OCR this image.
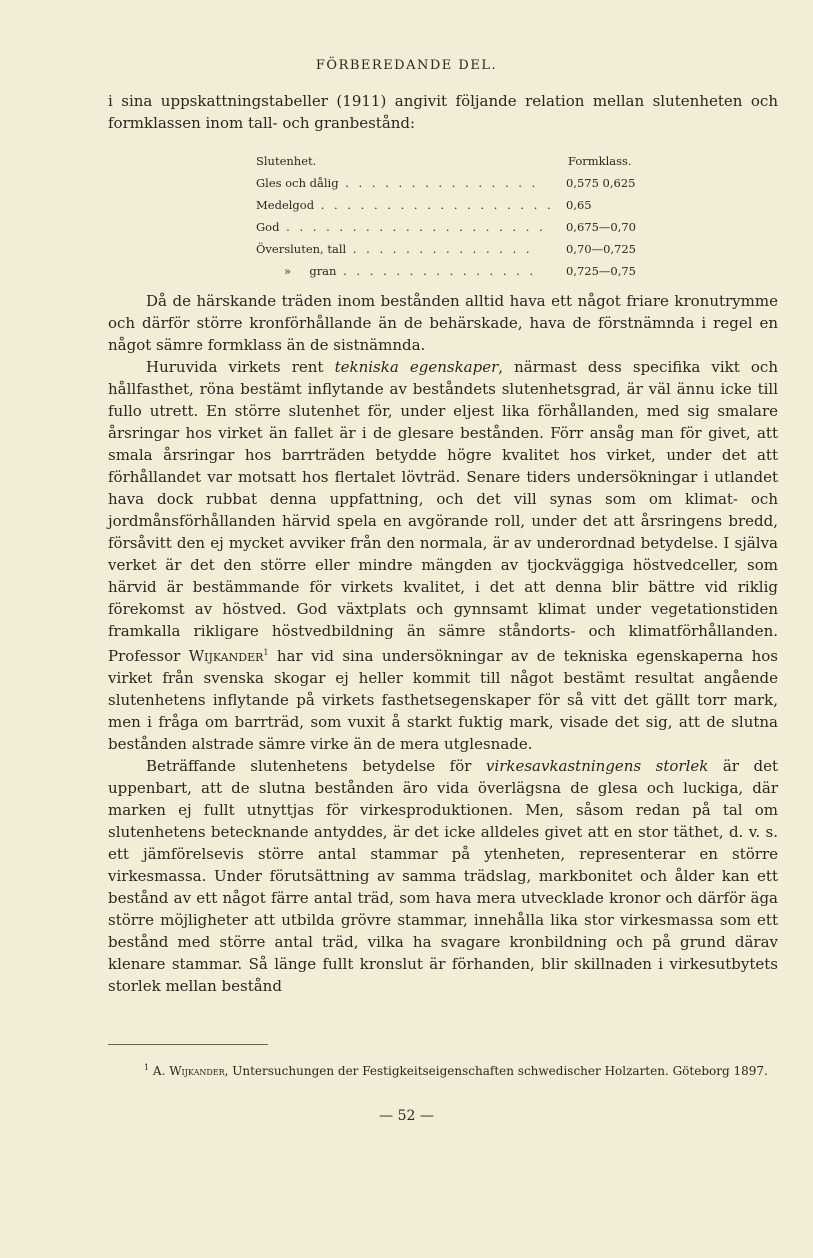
FÖRBEREDANDE DEL.
i sina uppskattningstabeller (1911) angivit följande relation mellan slutenheten och formklassen inom tall- och granbestånd:
Slutenhet.	Formklass.
Gles och dålig . . . . . . . . . . . . . . .	0,575 0,625
Medelgod . . . . . . . . . . . . . . . . . .	0,65
God . . . . . . . . . . . . . . . . . . . .	0,675—0,70
Översluten, tall . . . . . . . . . . . . . .	0,70—0,725
» gran . . . . . . . . . . . . . . .	0,725—0,75

Då de härskande träden inom bestånden alltid hava ett något friare kronutrymme och därför större kronförhållande än de behärskade, hava de förstnämnda i regel en något sämre formklass än de sistnämnda.

Huruvida virkets rent tekniska egenskaper, närmast dess specifika vikt och hållfasthet, röna bestämt inflytande av beståndets slutenhetsgrad, är väl ännu icke till fullo utrett. En större slutenhet för, under eljest lika förhållanden, med sig smalare årsringar hos virket än fallet är i de glesare bestånden. Förr ansåg man för givet, att smala årsringar hos barrträden betydde högre kvalitet hos virket, under det att förhållandet var motsatt hos flertalet lövträd. Senare tiders undersökningar i utlandet hava dock rubbat denna uppfattning, och det vill synas som om klimat- och jordmånsförhållanden härvid spela en avgörande roll, under det att årsringens bredd, försåvitt den ej mycket avviker från den normala, är av underordnad betydelse. I själva verket är det den större eller mindre mängden av tjockväggiga höstvedceller, som härvid är bestämmande för virkets kvalitet, i det att denna blir bättre vid riklig förekomst av höstved. God växtplats och gynnsamt klimat under vegetationstiden framkalla rikligare höstvedbildning än sämre ståndorts- och klimatförhållanden. Professor Wijkander$^1$ har vid sina undersökningar av de tekniska egenskaperna hos virket från svenska skogar ej heller kommit till något bestämt resultat angående slutenhetens inflytande på virkets fasthetsegenskaper för så vitt det gällt torr mark, men i fråga om barrträd, som vuxit å starkt fuktig mark, visade det sig, att de slutna bestånden alstrade sämre virke än de mera utglesnade.

Beträffande slutenhetens betydelse för virkesavkastningens storlek är det uppenbart, att de slutna bestånden äro vida överlägsna de glesa och luckiga, där marken ej fullt utnyttjas för virkesproduktionen. Men, såsom redan på tal om slutenhetens betecknande antyddes, är det icke alldeles givet att en stor täthet, d. v. s. ett jämförelsevis större antal stammar på ytenheten, representerar en större virkesmassa. Under förutsättning av samma trädslag, markbonitet och ålder kan ett bestånd av ett något färre antal träd, som hava mera utvecklade kronor och därför äga större möjligheter att utbilda grövre stammar, innehålla lika stor virkesmassa som ett bestånd med större antal träd, vilka ha svagare kronbildning och på grund därav klenare stammar. Så länge fullt kronslut är förhanden, blir skillnaden i virkesutbytets storlek mellan bestånd

$^1$ A. Wijkander, Untersuchungen der Festigkeitseigenschaften schwedischer Holzarten. Göteborg 1897.
— 52 —
